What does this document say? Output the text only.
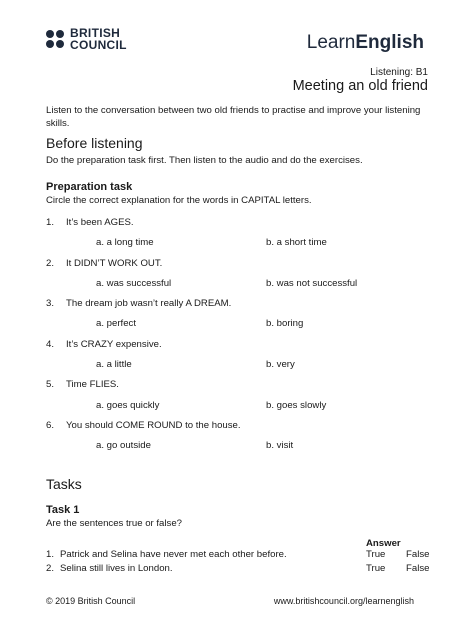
BRITISH
COUNCIL	LearnEnglish
Listening: B1
Meeting an old friend
Listen to the conversation between two old friends to practise and improve your listening skills.
Before listening
Do the preparation task first. Then listen to the audio and do the exercises.
Preparation task
Circle the correct explanation for the words in CAPITAL letters.
1. It’s been AGES.
a. a long time	b. a short time
2. It DIDN’T WORK OUT.
a. was successful	b. was not successful
3. The dream job wasn’t really A DREAM.
a. perfect	b. boring
4. It’s CRAZY expensive.
a. a little	b. very
5. Time FLIES.
a. goes quickly	b. goes slowly
6. You should COME ROUND to the house.
a. go outside	b. visit
Tasks
Task 1
Are the sentences true or false?
Answer
1. Patrick and Selina have never met each other before.	True False
2. Selina still lives in London.	True False
© 2019 British Council	www.britishcouncil.org/learnenglish
